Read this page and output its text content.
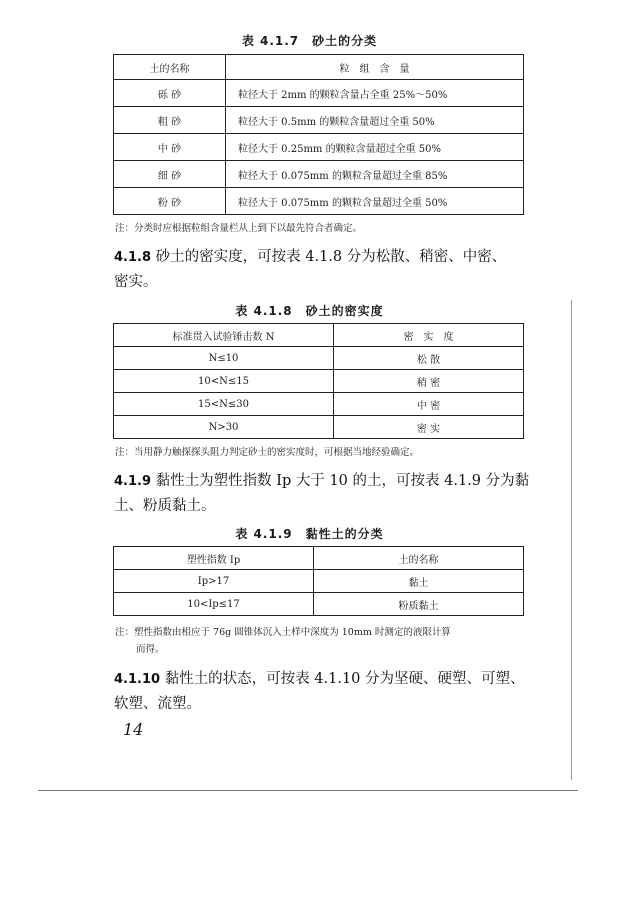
表 4.1.7　砂土的分类
土的名称	粒　组　含　量
砾 砂	粒径大于 2mm 的颗粒含量占全重 25%～50%
粗 砂	粒径大于 0.5mm 的颗粒含量超过全重 50%
中 砂	粒径大于 0.25mm 的颗粒含量超过全重 50%
细 砂	粒径大于 0.075mm 的颗粒含量超过全重 85%
粉 砂	粒径大于 0.075mm 的颗粒含量超过全重 50%
注：分类时应根据粒组含量栏从上到下以最先符合者确定。
4.1.8 砂土的密实度，可按表 4.1.8 分为松散、稍密、中密、
密实。
表 4.1.8　砂土的密实度
标准贯入试验锤击数 N	密　实　度
N≤10	松 散
10<N≤15	稍 密
15<N≤30	中 密
N>30	密 实
注：当用静力触探探头阻力判定砂土的密实度时，可根据当地经验确定。
4.1.9 黏性土为塑性指数 Ip 大于 10 的土，可按表 4.1.9 分为黏
土、粉质黏土。
表 4.1.9　黏性土的分类
塑性指数 Ip	土的名称
Ip>17	黏土
10<Ip≤17	粉质黏土
注：塑性指数由相应于 76g 圆锥体沉入土样中深度为 10mm 时测定的液限计算
而得。
4.1.10 黏性土的状态，可按表 4.1.10 分为坚硬、硬塑、可塑、
软塑、流塑。
14
